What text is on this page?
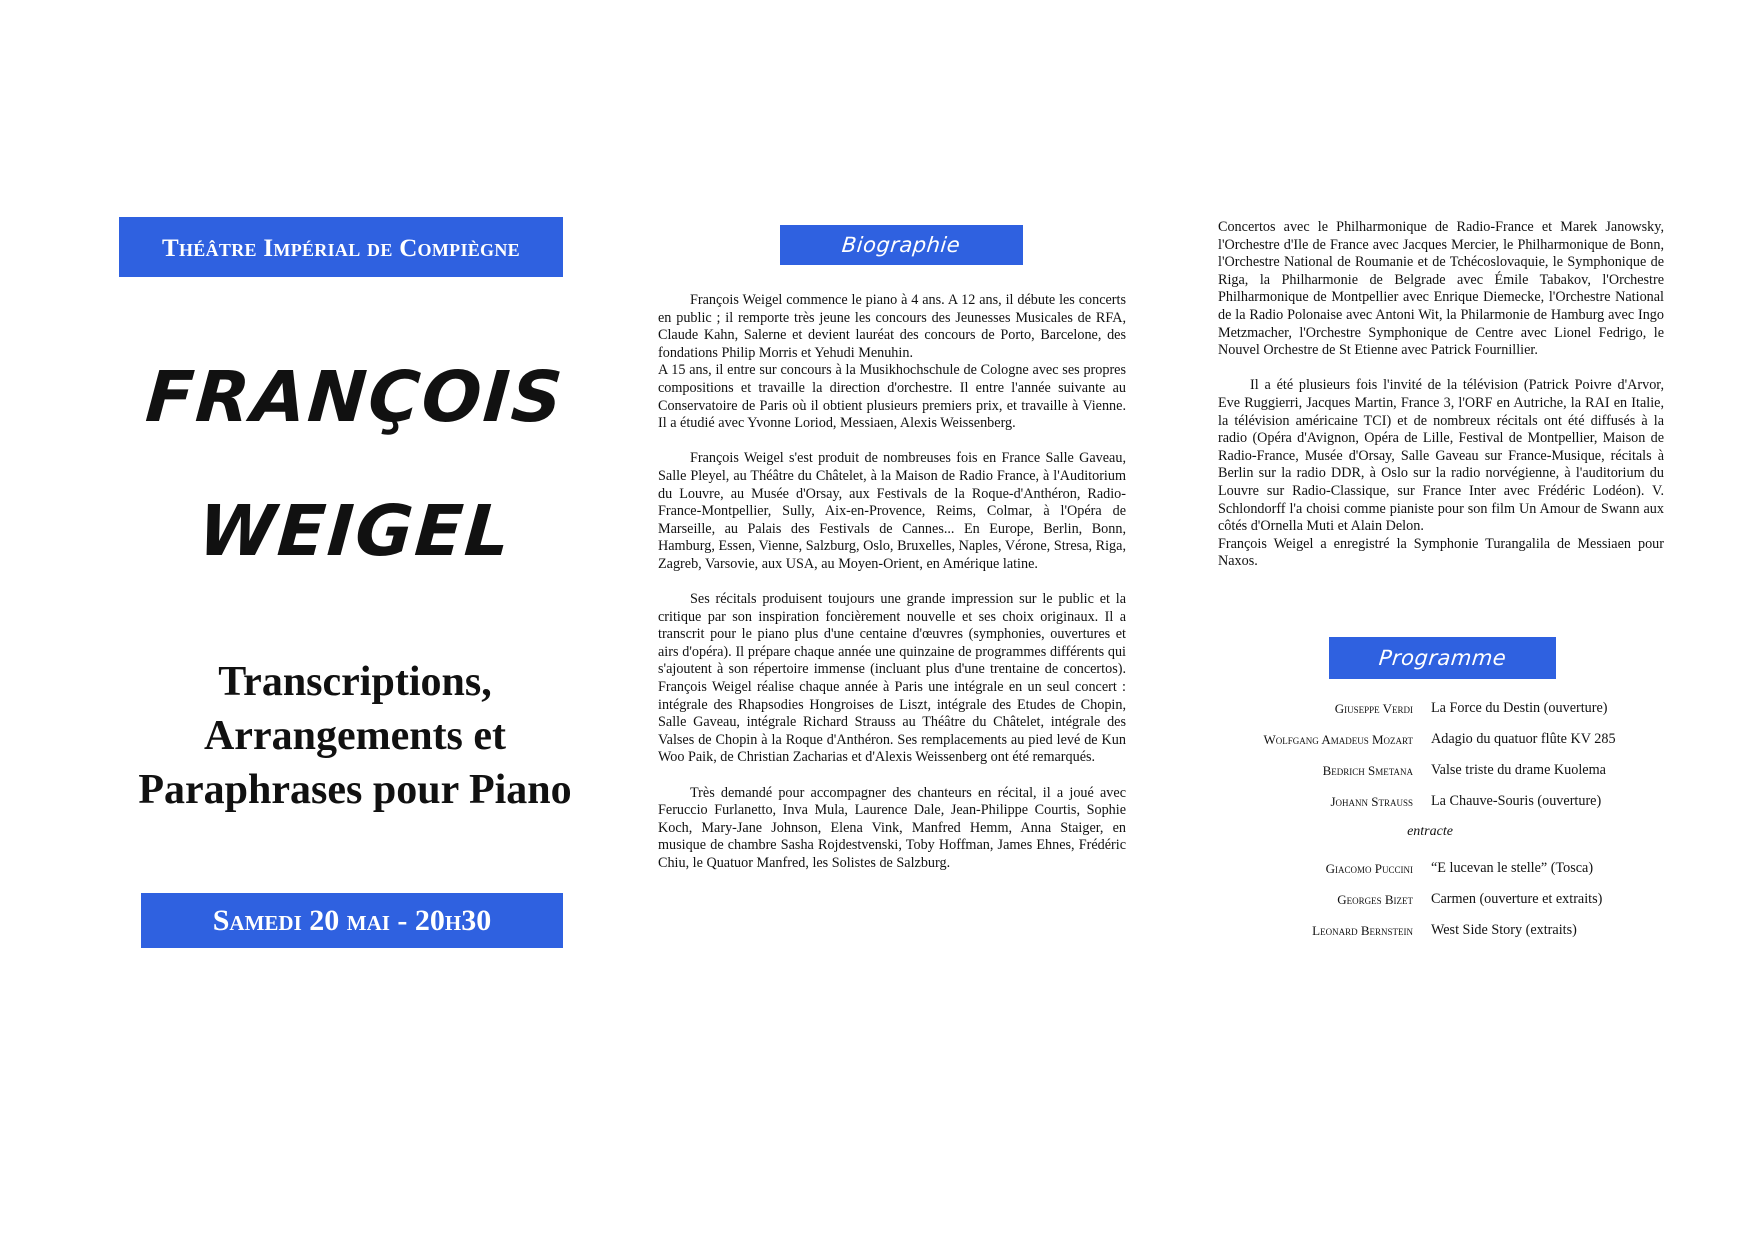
Théâtre Impérial de Compiègne
FRANÇOIS
WEIGEL
Transcriptions,
Arrangements et
Paraphrases pour Piano
Samedi 20 mai - 20h30
Biographie

François Weigel commence le piano à 4 ans. A 12 ans, il débute les concerts en public ; il remporte très jeune les concours des Jeunesses Musicales de RFA, Claude Kahn, Salerne et devient lauréat des concours de Porto, Barcelone, des fondations Philip Morris et Yehudi Menuhin.

A 15 ans, il entre sur concours à la Musikhochschule de Cologne avec ses propres compositions et travaille la direction d'orchestre. Il entre l'année suivante au Conservatoire de Paris où il obtient plusieurs premiers prix, et travaille à Vienne. Il a étudié avec Yvonne Loriod, Messiaen, Alexis Weissenberg.

François Weigel s'est produit de nombreuses fois en France Salle Gaveau, Salle Pleyel, au Théâtre du Châtelet, à la Maison de Radio France, à l'Auditorium du Louvre, au Musée d'Orsay, aux Festivals de la Roque-d'Anthéron, Radio-France-Montpellier, Sully, Aix-en-Provence, Reims, Colmar, à l'Opéra de Marseille, au Palais des Festivals de Cannes... En Europe, Berlin, Bonn, Hamburg, Essen, Vienne, Salzburg, Oslo, Bruxelles, Naples, Vérone, Stresa, Riga, Zagreb, Varsovie, aux USA, au Moyen-Orient, en Amérique latine.

Ses récitals produisent toujours une grande impression sur le public et la critique par son inspiration foncièrement nouvelle et ses choix originaux. Il a transcrit pour le piano plus d'une centaine d'œuvres (symphonies, ouvertures et airs d'opéra). Il prépare chaque année une quinzaine de programmes différents qui s'ajoutent à son répertoire immense (incluant plus d'une trentaine de concertos). François Weigel réalise chaque année à Paris une intégrale en un seul concert : intégrale des Rhapsodies Hongroises de Liszt, intégrale des Etudes de Chopin, Salle Gaveau, intégrale Richard Strauss au Théâtre du Châtelet, intégrale des Valses de Chopin à la Roque d'Anthéron. Ses remplacements au pied levé de Kun Woo Paik, de Christian Zacharias et d'Alexis Weissenberg ont été remarqués.

Très demandé pour accompagner des chanteurs en récital, il a joué avec Feruccio Furlanetto, Inva Mula, Laurence Dale, Jean-Philippe Courtis, Sophie Koch, Mary-Jane Johnson, Elena Vink, Manfred Hemm, Anna Staiger, en musique de chambre Sasha Rojdestvenski, Toby Hoffman, James Ehnes, Frédéric Chiu, le Quatuor Manfred, les Solistes de Salzburg.

Concertos avec le Philharmonique de Radio-France et Marek Janowsky, l'Orchestre d'Ile de France avec Jacques Mercier, le Philharmonique de Bonn, l'Orchestre National de Roumanie et de Tchécoslovaquie, le Symphonique de Riga, la Philharmonie de Belgrade avec Émile Tabakov, l'Orchestre Philharmonique de Montpellier avec Enrique Diemecke, l'Orchestre National de la Radio Polonaise avec Antoni Wit, la Philarmonie de Hamburg avec Ingo Metzmacher, l'Orchestre Symphonique de Centre avec Lionel Fedrigo, le Nouvel Orchestre de St Etienne avec Patrick Fournillier.

Il a été plusieurs fois l'invité de la télévision (Patrick Poivre d'Arvor, Eve Ruggierri, Jacques Martin, France 3, l'ORF en Autriche, la RAI en Italie, la télévision américaine TCI) et de nombreux récitals ont été diffusés à la radio (Opéra d'Avignon, Opéra de Lille, Festival de Montpellier, Maison de Radio-France, Musée d'Orsay, Salle Gaveau sur France-Musique, récitals à Berlin sur la radio DDR, à Oslo sur la radio norvégienne, à l'auditorium du Louvre sur Radio-Classique, sur France Inter avec Frédéric Lodéon). V. Schlondorff l'a choisi comme pianiste pour son film Un Amour de Swann aux côtés d'Ornella Muti et Alain Delon.

François Weigel a enregistré la Symphonie Turangalila de Messiaen pour Naxos.

Programme
Giuseppe Verdi La Force du Destin (ouverture)
Wolfgang Amadeus Mozart Adagio du quatuor flûte KV 285
Bedrich Smetana Valse triste du drame Kuolema
Johann Strauss La Chauve-Souris (ouverture)
entracte
Giacomo Puccini “E lucevan le stelle” (Tosca)
Georges Bizet Carmen (ouverture et extraits)
Leonard Bernstein West Side Story (extraits)
